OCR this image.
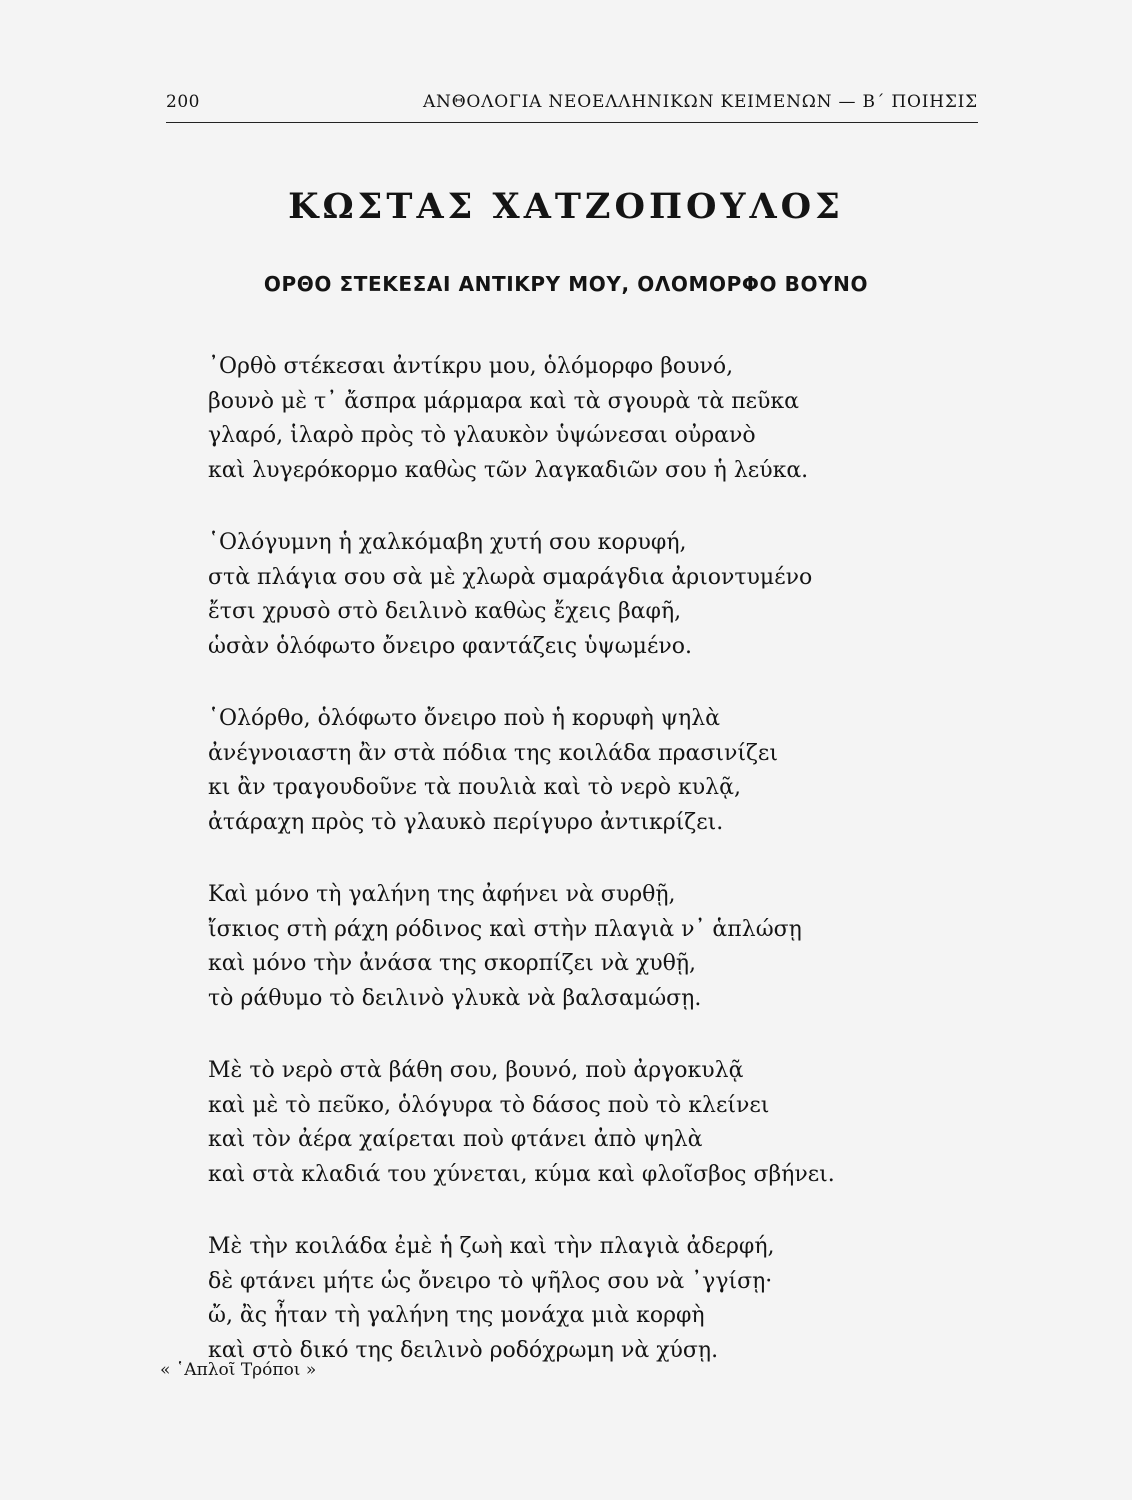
200	ΑΝΘΟΛΟΓΙΑ ΝΕΟΕΛΛΗΝΙΚΩΝ ΚΕΙΜΕΝΩΝ — Β΄ ΠΟΙΗΣΙΣ
ΚΩΣΤΑΣ ΧΑΤΖΟΠΟΥΛΟΣ
ΟΡΘΟ ΣΤΕΚΕΣΑΙ ΑΝΤΙΚΡΥ ΜΟΥ, ΟΛΟΜΟΡΦΟ ΒΟΥΝΟ
᾽Ορθὸ στέκεσαι ἀντίκρυ μου, ὁλόμορφο βουνό,
βουνὸ μὲ τ᾽ ἄσπρα μάρμαρα καὶ τὰ σγουρὰ τὰ πεῦκα
γλαρό, ἱλαρὸ πρὸς τὸ γλαυκὸν ὑψώνεσαι οὐρανὸ
καὶ λυγερόκορμο καθὼς τῶν λαγκαδιῶν σου ἡ λεύκα.
῾Ολόγυμνη ἡ χαλκόμαβη χυτή σου κορυφή,
στὰ πλάγια σου σὰ μὲ χλωρὰ σμαράγδια ἀριοντυμένο
ἔτσι χρυσὸ στὸ δειλινὸ καθὼς ἔχεις βαφῆ,
ὡσὰν ὁλόφωτο ὄνειρο φαντάζεις ὑψωμένο.
῾Ολόρθο, ὁλόφωτο ὄνειρο ποὺ ἡ κορυφὴ ψηλὰ
ἀνέγνοιαστη ἂν στὰ πόδια της κοιλάδα πρασινίζει
κι ἂν τραγουδοῦνε τὰ πουλιὰ καὶ τὸ νερὸ κυλᾷ,
ἀτάραχη πρὸς τὸ γλαυκὸ περίγυρο ἀντικρίζει.
Καὶ μόνο τὴ γαλήνη της ἀφήνει νὰ συρθῇ,
ἴσκιος στὴ ράχη ρόδινος καὶ στὴν πλαγιὰ ν᾽ ἁπλώσῃ
καὶ μόνο τὴν ἀνάσα της σκορπίζει νὰ χυθῇ,
τὸ ράθυμο τὸ δειλινὸ γλυκὰ νὰ βαλσαμώσῃ.
Μὲ τὸ νερὸ στὰ βάθη σου, βουνό, ποὺ ἀργοκυλᾷ
καὶ μὲ τὸ πεῦκο, ὁλόγυρα τὸ δάσος ποὺ τὸ κλείνει
καὶ τὸν ἀέρα χαίρεται ποὺ φτάνει ἀπὸ ψηλὰ
καὶ στὰ κλαδιά του χύνεται, κύμα καὶ φλοῖσβος σβήνει.
Μὲ τὴν κοιλάδα ἐμὲ ἡ ζωὴ καὶ τὴν πλαγιὰ ἀδερφή,
δὲ φτάνει μήτε ὡς ὄνειρο τὸ ψῆλος σου νὰ ᾽γγίσῃ·
ὤ, ἂς ἦταν τὴ γαλήνη της μονάχα μιὰ κορφὴ
καὶ στὸ δικό της δειλινὸ ροδόχρωμη νὰ χύσῃ.
« ῾Απλοῖ Τρόποι »
